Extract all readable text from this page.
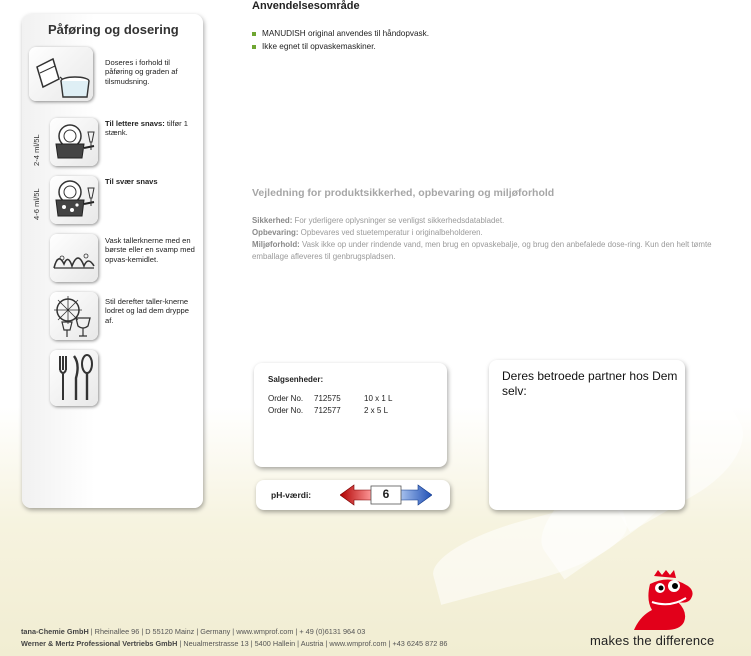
Påføring og dosering
Doseres i forhold til påføring og graden af tilsmudsning.
2-4 ml/5L
Til lettere snavs: tilfør 1 stænk.
4-6 ml/5L
Til svær snavs
Vask tallerknerne med en børste eller en svamp med opvas-kemidlet.
Stil derefter taller-knerne lodret og lad dem dryppe af.
Anvendelsesområde
MANUDISH original anvendes til håndopvask.
Ikke egnet til opvaskemaskiner.
Vejledning for produktsikkerhed, opbevaring og miljøforhold

Sikkerhed: For yderligere oplysninger se venligst sikkerhedsdatabladet.

Opbevaring: Opbevares ved stuetemperatur i originalbeholderen.

Miljøforhold: Vask ikke op under rindende vand, men brug en opvaskebalje, og brug den anbefalede dose-ring. Kun den helt tømte emballage afleveres til genbrugspladsen.

Salgsenheder:
Order No. 712575	10 x 1 L
Order No. 712577	2 x 5 L
pH-værdi:	6
Deres betroede partner hos Dem selv:
makes the difference
tana-Chemie GmbH | Rheinallee 96 | D 55120 Mainz | Germany | www.wmprof.com | + 49 (0)6131 964 03
Werner & Mertz Professional Vertriebs GmbH | Neualmerstrasse 13 | 5400 Hallein | Austria | www.wmprof.com | +43 6245 872 86
